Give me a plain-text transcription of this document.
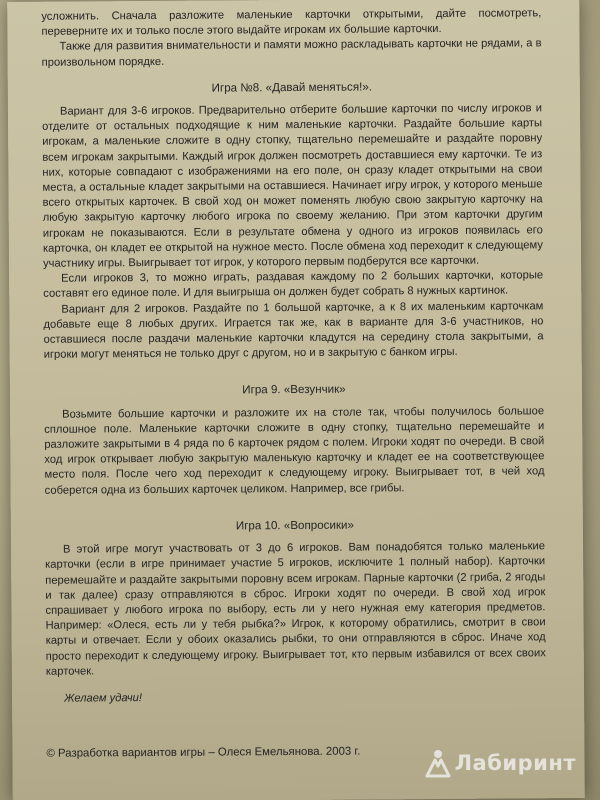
усложнить. Сначала разложите маленькие карточки открытыми, дайте посмотреть, переверните их и только после этого выдайте игрокам их большие карточки.

Также для развития внимательности и памяти можно раскладывать карточки не рядами, а в произвольном порядке.

Игра №8. «Давай меняться!».

Вариант для 3-6 игроков. Предварительно отберите большие карточки по числу игроков и отделите от остальных подходящие к ним маленькие карточки. Раздайте большие карты игрокам, а маленькие сложите в одну стопку, тщательно перемешайте и раздайте поровну всем игрокам закрытыми. Каждый игрок должен посмотреть доставшиеся ему карточки. Те из них, которые совпадают с изображениями на его поле, он сразу кладет открытыми на свои места, а остальные кладет закрытыми на оставшиеся. Начинает игру игрок, у которого меньше всего открытых карточек. В свой ход он может поменять любую свою закрытую карточку на любую закрытую карточку любого игрока по своему желанию. При этом карточки другим игрокам не показываются. Если в результате обмена у одного из игроков появилась его карточка, он кладет ее открытой на нужное место. После обмена ход переходит к следующему участнику игры. Выигрывает тот игрок, у которого первым подберутся все карточки.

Если игроков 3, то можно играть, раздавая каждому по 2 больших карточки, которые составят его единое поле. И для выигрыша он должен будет собрать 8 нужных картинок.

Вариант для 2 игроков. Раздайте по 1 большой карточке, а к 8 их маленьким карточкам добавьте еще 8 любых других. Играется так же, как в варианте для 3-6 участников, но оставшиеся после раздачи маленькие карточки кладутся на середину стола закрытыми, а игроки могут меняться не только друг с другом, но и в закрытую с банком игры.

Игра 9. «Везунчик»

Возьмите большие карточки и разложите их на столе так, чтобы получилось большое сплошное поле. Маленькие карточки сложите в одну стопку, тщательно перемешайте и разложите закрытыми в 4 ряда по 6 карточек рядом с полем. Игроки ходят по очереди. В свой ход игрок открывает любую закрытую маленькую карточку и кладет ее на соответствующее место поля. После чего ход переходит к следующему игроку. Выигрывает тот, в чей ход соберется одна из больших карточек целиком. Например, все грибы.

Игра 10. «Вопросики»

В этой игре могут участвовать от 3 до 6 игроков. Вам понадобятся только маленькие карточки (если в игре принимает участие 5 игроков, исключите 1 полный набор). Карточки перемешайте и раздайте закрытыми поровну всем игрокам. Парные карточки (2 гриба, 2 ягоды и так далее) сразу отправляются в сброс. Игроки ходят по очереди. В свой ход игрок спрашивает у любого игрока по выбору, есть ли у него нужная ему категория предметов. Например: «Олеся, есть ли у тебя рыбка?» Игрок, к которому обратились, смотрит в свои карты и отвечает. Если у обоих оказались рыбки, то они отправляются в сброс. Иначе ход просто переходит к следующему игроку. Выигрывает тот, кто первым избавился от всех своих карточек.

Желаем удачи!

© Разработка вариантов игры – Олеся Емельянова. 2003 г.	Лабиринт
